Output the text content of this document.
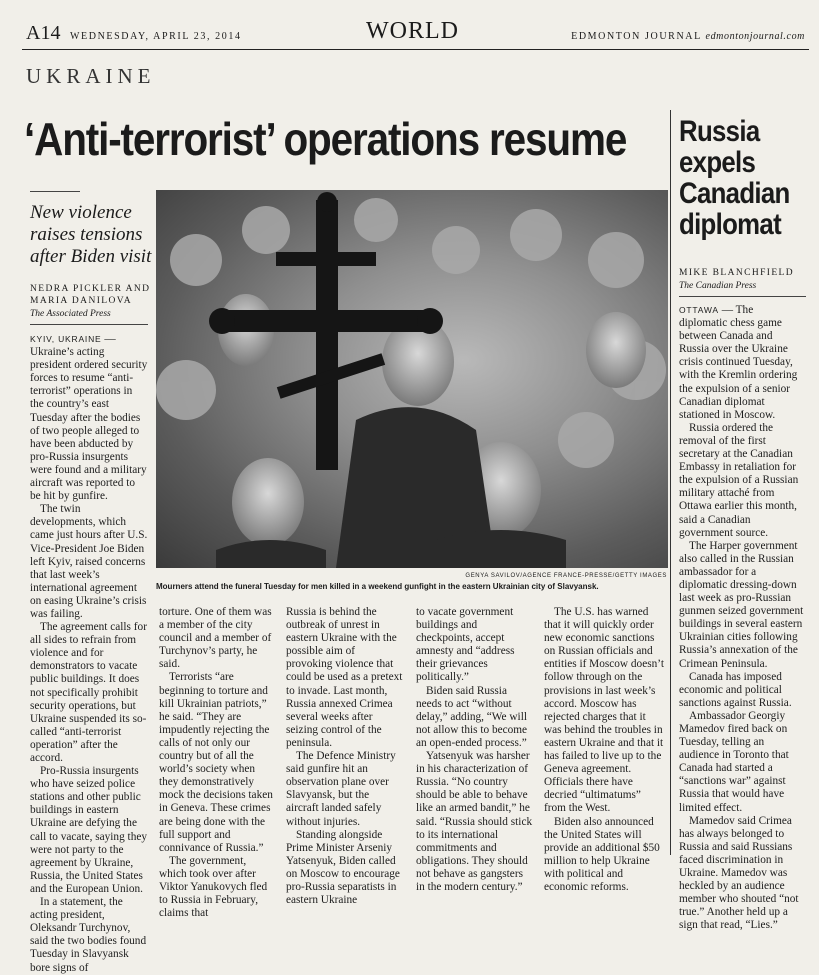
A14 WEDNESDAY, APRIL 23, 2014	WORLD	EDMONTON JOURNAL edmontonjournal.com
UKRAINE
‘Anti-terrorist’ operations resume
New violence raises tensions after Biden visit
NEDRA PICKLER AND
MARIA DANILOVA
The Associated Press

KYIV, UKRAINE — Ukraine’s acting president ordered security forces to resume “anti-terrorist” operations in the country’s east Tuesday after the bodies of two people alleged to have been abducted by pro-Russia insurgents were found and a military aircraft was reported to be hit by gunfire.

The twin developments, which came just hours after U.S. Vice-President Joe Biden left Kyiv, raised concerns that last week’s international agreement on easing Ukraine’s crisis was failing.

The agreement calls for all sides to refrain from violence and for demonstrators to vacate public buildings. It does not specifically prohibit security operations, but Ukraine suspended its so-called “anti-terrorist operation” after the accord.

Pro-Russia insurgents who have seized police stations and other public buildings in eastern Ukraine are defying the call to vacate, saying they were not party to the agreement by Ukraine, Russia, the United States and the European Union.

In a statement, the acting president, Oleksandr Turchynov, said the two bodies found Tuesday in Slavyansk bore signs of

GENYA SAVILOV/AGENCE FRANCE-PRESSE/GETTY IMAGES
Mourners attend the funeral Tuesday for men killed in a weekend gunfight in the eastern Ukrainian city of Slavyansk.

torture. One of them was a member of the city council and a member of Turchynov’s party, he said.

Terrorists “are beginning to torture and kill Ukrainian patriots,” he said. “They are impudently rejecting the calls of not only our country but of all the world’s society when they demonstratively mock the decisions taken in Geneva. These crimes are being done with the full support and connivance of Russia.”

The government, which took over after Viktor Yanukovych fled to Russia in February, claims that

Russia is behind the outbreak of unrest in eastern Ukraine with the possible aim of provoking violence that could be used as a pretext to invade. Last month, Russia annexed Crimea several weeks after seizing control of the peninsula.

The Defence Ministry said gunfire hit an observation plane over Slavyansk, but the aircraft landed safely without injuries.

Standing alongside Prime Minister Arseniy Yatsenyuk, Biden called on Moscow to encourage pro-Russia separatists in eastern Ukraine

to vacate government buildings and checkpoints, accept amnesty and “address their grievances politically.”

Biden said Russia needs to act “without delay,” adding, “We will not allow this to become an open-ended process.”

Yatsenyuk was harsher in his characterization of Russia. “No country should be able to behave like an armed bandit,” he said. “Russia should stick to its international commitments and obligations. They should not behave as gangsters in the modern century.”

The U.S. has warned that it will quickly order new economic sanctions on Russian officials and entities if Moscow doesn’t follow through on the provisions in last week’s accord. Moscow has rejected charges that it was behind the troubles in eastern Ukraine and that it has failed to live up to the Geneva agreement. Officials there have decried “ultimatums” from the West.

Biden also announced the United States will provide an additional $50 million to help Ukraine with political and economic reforms.

Russia expels Canadian diplomat
MIKE BLANCHFIELD
The Canadian Press

OTTAWA — The diplomatic chess game between Canada and Russia over the Ukraine crisis continued Tuesday, with the Kremlin ordering the expulsion of a senior Canadian diplomat stationed in Moscow.

Russia ordered the removal of the first secretary at the Canadian Embassy in retaliation for the expulsion of a Russian military attaché from Ottawa earlier this month, said a Canadian government source.

The Harper government also called in the Russian ambassador for a diplomatic dressing-down last week as pro-Russian gunmen seized government buildings in several eastern Ukrainian cities following Russia’s annexation of the Crimean Peninsula.

Canada has imposed economic and political sanctions against Russia.

Ambassador Georgiy Mamedov fired back on Tuesday, telling an audience in Toronto that Canada had started a “sanctions war” against Russia that would have limited effect.

Mamedov said Crimea has always belonged to Russia and said Russians faced discrimination in Ukraine. Mamedov was heckled by an audience member who shouted “not true.” Another held up a sign that read, “Lies.”
